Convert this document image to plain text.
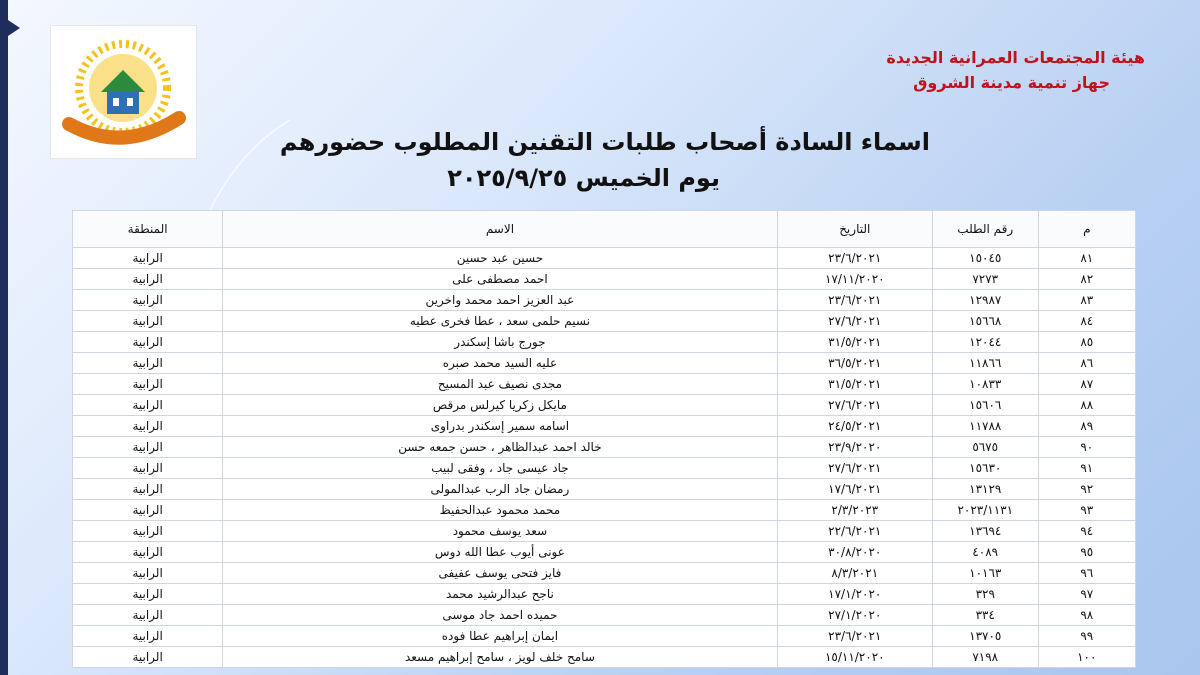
هيئة المجتمعات العمرانية الجديدة
جهاز تنمية مدينة الشروق
اسماء السادة أصحاب طلبات التقنين المطلوب حضورهم
يوم الخميس ٢٠٢٥/٩/٢٥
م	رقم الطلب	التاريخ	الاسم	المنطقة
٨١	١٥٠٤٥	٢٣/٦/٢٠٢١	حسين عبد حسين	الرابية
٨٢	٧٢٧٣	١٧/١١/٢٠٢٠	احمد مصطفى على	الرابية
٨٣	١٢٩٨٧	٢٣/٦/٢٠٢١	عبد العزيز احمد محمد واخرين	الرابية
٨٤	١٥٦٦٨	٢٧/٦/٢٠٢١	نسيم حلمى سعد ، عطا فخرى عطيه	الرابية
٨٥	١٢٠٤٤	٣١/٥/٢٠٢١	جورج باشا إسكندر	الرابية
٨٦	١١٨٦٦	٣٦/٥/٢٠٢١	عليه السيد محمد صبره	الرابية
٨٧	١٠٨٣٣	٣١/٥/٢٠٢١	مجدى نصيف عبد المسيح	الرابية
٨٨	١٥٦٠٦	٢٧/٦/٢٠٢١	مايكل زكريا كيرلس مرقص	الرابية
٨٩	١١٧٨٨	٢٤/٥/٢٠٢١	اسامه سمير إسكندر بدراوى	الرابية
٩٠	٥٦٧٥	٢٣/٩/٢٠٢٠	خالد احمد عبدالظاهر ، حسن جمعه حسن	الرابية
٩١	١٥٦٣٠	٢٧/٦/٢٠٢١	جاد عيسى جاد ، وفقى لبيب	الرابية
٩٢	١٣١٢٩	١٧/٦/٢٠٢١	رمضان جاد الرب عبدالمولى	الرابية
٩٣	٢٠٢٣/١١٣١	٢/٣/٢٠٢٣	محمد محمود عبدالحفيظ	الرابية
٩٤	١٣٦٩٤	٢٢/٦/٢٠٢١	سعد يوسف محمود	الرابية
٩٥	٤٠٨٩	٣٠/٨/٢٠٢٠	عونى أيوب عطا الله دوس	الرابية
٩٦	١٠١٦٣	٨/٣/٢٠٢١	فايز فتحى يوسف عفيفى	الرابية
٩٧	٣٢٩	١٧/١/٢٠٢٠	ناجح عبدالرشيد محمد	الرابية
٩٨	٣٣٤	٢٧/١/٢٠٢٠	حميده احمد جاد موسى	الرابية
٩٩	١٣٧٠٥	٢٣/٦/٢٠٢١	ايمان إبراهيم عطا فوده	الرابية
١٠٠	٧١٩٨	١٥/١١/٢٠٢٠	سامح خلف لويز ، سامح إبراهيم مسعد	الرابية
